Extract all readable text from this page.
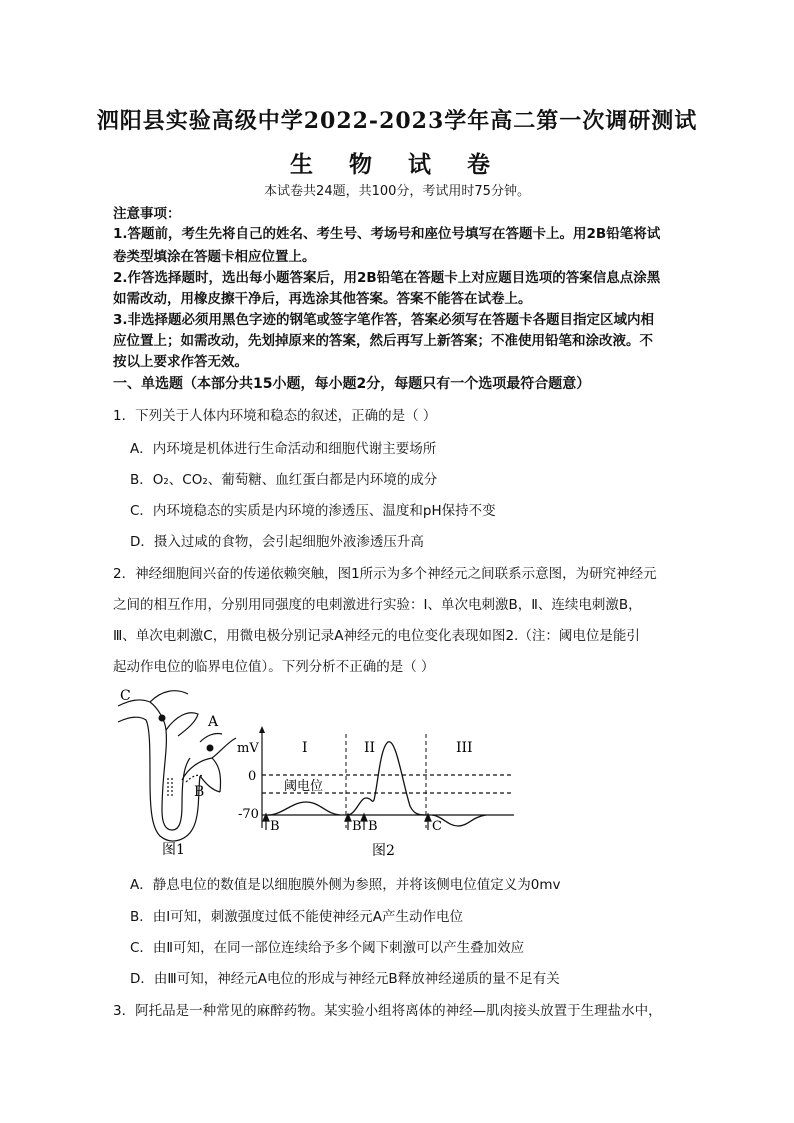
泗阳县实验高级中学2022-2023学年高二第一次调研测试
生 物 试 卷
本试卷共24题，共100分，考试用时75分钟。
注意事项：
1.答题前，考生先将自己的姓名、考生号、考场号和座位号填写在答题卡上。用2B铅笔将试
卷类型填涂在答题卡相应位置上。
2.作答选择题时，选出每小题答案后，用2B铅笔在答题卡上对应题目选项的答案信息点涂黑
如需改动，用橡皮擦干净后，再选涂其他答案。答案不能答在试卷上。
3.非选择题必须用黑色字迹的钢笔或签字笔作答，答案必须写在答题卡各题目指定区域内相
应位置上；如需改动，先划掉原来的答案，然后再写上新答案；不准使用铅笔和涂改液。不
按以上要求作答无效。
一、单选题（本部分共15小题，每小题2分，每题只有一个选项最符合题意）
1．下列关于人体内环境和稳态的叙述，正确的是（ ）
A．内环境是机体进行生命活动和细胞代谢主要场所
B．O₂、CO₂、葡萄糖、血红蛋白都是内环境的成分
C．内环境稳态的实质是内环境的渗透压、温度和pH保持不变
D．摄入过咸的食物，会引起细胞外液渗透压升高
2．神经细胞间兴奋的传递依赖突触，图1所示为多个神经元之间联系示意图，为研究神经元
之间的相互作用，分别用同强度的电刺激进行实验：Ⅰ、单次电刺激B，Ⅱ、连续电刺激B，
Ⅲ、单次电刺激C，用微电极分别记录A神经元的电位变化表现如图2.（注：阈电位是能引
起动作电位的临界电位值）。下列分析不正确的是（ ）
C
A
B
图1
mV
0
-70
阈电位
I	II	III
B	B B	C
图2
A．静息电位的数值是以细胞膜外侧为参照，并将该侧电位值定义为0mv
B．由Ⅰ可知，刺激强度过低不能使神经元A产生动作电位
C．由Ⅱ可知，在同一部位连续给予多个阈下刺激可以产生叠加效应
D．由Ⅲ可知，神经元A电位的形成与神经元B释放神经递质的量不足有关
3．阿托品是一种常见的麻醉药物。某实验小组将离体的神经—肌肉接头放置于生理盐水中，
